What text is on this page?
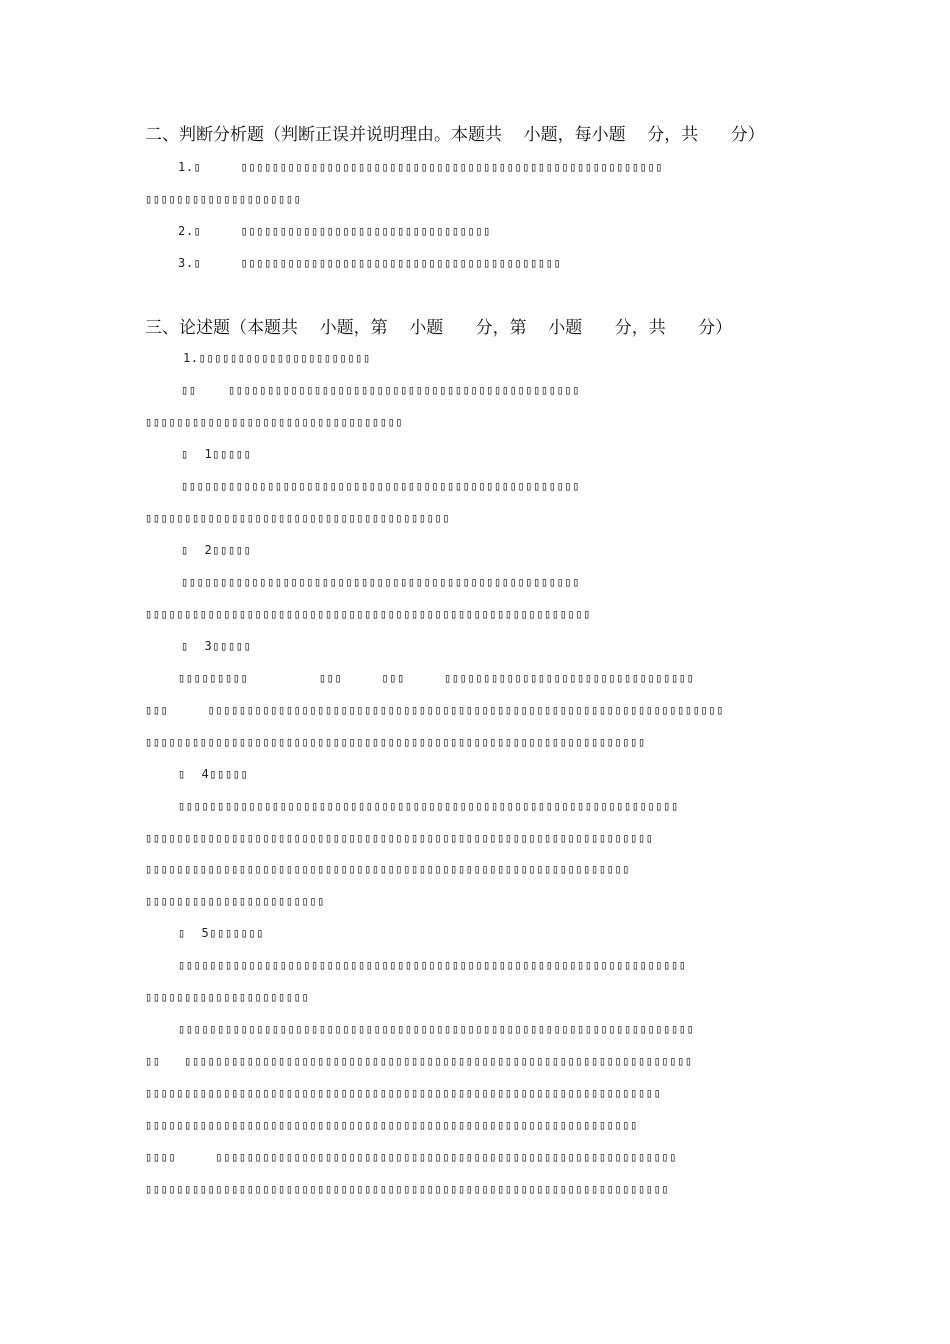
二、判断分析题（判断正误并说明理由。本题共    小题，每小题    分，共      分）
1.▯     ▯▯▯▯▯▯▯▯▯▯▯▯▯▯▯▯▯▯▯▯▯▯▯▯▯▯▯▯▯▯▯▯▯▯▯▯▯▯▯▯▯▯▯▯▯▯▯▯▯▯▯▯▯▯
▯▯▯▯▯▯▯▯▯▯▯▯▯▯▯▯▯▯▯▯
2.▯     ▯▯▯▯▯▯▯▯▯▯▯▯▯▯▯▯▯▯▯▯▯▯▯▯▯▯▯▯▯▯▯▯
3.▯     ▯▯▯▯▯▯▯▯▯▯▯▯▯▯▯▯▯▯▯▯▯▯▯▯▯▯▯▯▯▯▯▯▯▯▯▯▯▯▯▯▯
三、论述题（本题共    小题，第    小题      分，第    小题      分，共      分）
1.▯▯▯▯▯▯▯▯▯▯▯▯▯▯▯▯▯▯▯▯▯▯
▯▯    ▯▯▯▯▯▯▯▯▯▯▯▯▯▯▯▯▯▯▯▯▯▯▯▯▯▯▯▯▯▯▯▯▯▯▯▯▯▯▯▯▯▯▯▯▯
▯▯▯▯▯▯▯▯▯▯▯▯▯▯▯▯▯▯▯▯▯▯▯▯▯▯▯▯▯▯▯▯▯
▯  1▯▯▯▯▯
▯▯▯▯▯▯▯▯▯▯▯▯▯▯▯▯▯▯▯▯▯▯▯▯▯▯▯▯▯▯▯▯▯▯▯▯▯▯▯▯▯▯▯▯▯▯▯▯▯▯▯
▯▯▯▯▯▯▯▯▯▯▯▯▯▯▯▯▯▯▯▯▯▯▯▯▯▯▯▯▯▯▯▯▯▯▯▯▯▯▯
▯  2▯▯▯▯▯
▯▯▯▯▯▯▯▯▯▯▯▯▯▯▯▯▯▯▯▯▯▯▯▯▯▯▯▯▯▯▯▯▯▯▯▯▯▯▯▯▯▯▯▯▯▯▯▯▯▯▯
▯▯▯▯▯▯▯▯▯▯▯▯▯▯▯▯▯▯▯▯▯▯▯▯▯▯▯▯▯▯▯▯▯▯▯▯▯▯▯▯▯▯▯▯▯▯▯▯▯▯▯▯▯▯▯▯▯
▯  3▯▯▯▯▯
▯▯▯▯▯▯▯▯▯         ▯▯▯     ▯▯▯     ▯▯▯▯▯▯▯▯▯▯▯▯▯▯▯▯▯▯▯▯▯▯▯▯▯▯▯▯▯▯▯▯
▯▯▯     ▯▯▯▯▯▯▯▯▯▯▯▯▯▯▯▯▯▯▯▯▯▯▯▯▯▯▯▯▯▯▯▯▯▯▯▯▯▯▯▯▯▯▯▯▯▯▯▯▯▯▯▯▯▯▯▯▯▯▯▯▯▯▯▯▯▯
▯▯▯▯▯▯▯▯▯▯▯▯▯▯▯▯▯▯▯▯▯▯▯▯▯▯▯▯▯▯▯▯▯▯▯▯▯▯▯▯▯▯▯▯▯▯▯▯▯▯▯▯▯▯▯▯▯▯▯▯▯▯▯▯
▯  4▯▯▯▯▯
▯▯▯▯▯▯▯▯▯▯▯▯▯▯▯▯▯▯▯▯▯▯▯▯▯▯▯▯▯▯▯▯▯▯▯▯▯▯▯▯▯▯▯▯▯▯▯▯▯▯▯▯▯▯▯▯▯▯▯▯▯▯▯▯
▯▯▯▯▯▯▯▯▯▯▯▯▯▯▯▯▯▯▯▯▯▯▯▯▯▯▯▯▯▯▯▯▯▯▯▯▯▯▯▯▯▯▯▯▯▯▯▯▯▯▯▯▯▯▯▯▯▯▯▯▯▯▯▯▯
▯▯▯▯▯▯▯▯▯▯▯▯▯▯▯▯▯▯▯▯▯▯▯▯▯▯▯▯▯▯▯▯▯▯▯▯▯▯▯▯▯▯▯▯▯▯▯▯▯▯▯▯▯▯▯▯▯▯▯▯▯▯
▯▯▯▯▯▯▯▯▯▯▯▯▯▯▯▯▯▯▯▯▯▯▯
▯  5▯▯▯▯▯▯▯
▯▯▯▯▯▯▯▯▯▯▯▯▯▯▯▯▯▯▯▯▯▯▯▯▯▯▯▯▯▯▯▯▯▯▯▯▯▯▯▯▯▯▯▯▯▯▯▯▯▯▯▯▯▯▯▯▯▯▯▯▯▯▯▯▯
▯▯▯▯▯▯▯▯▯▯▯▯▯▯▯▯▯▯▯▯▯
▯▯▯▯▯▯▯▯▯▯▯▯▯▯▯▯▯▯▯▯▯▯▯▯▯▯▯▯▯▯▯▯▯▯▯▯▯▯▯▯▯▯▯▯▯▯▯▯▯▯▯▯▯▯▯▯▯▯▯▯▯▯▯▯▯▯
▯▯   ▯▯▯▯▯▯▯▯▯▯▯▯▯▯▯▯▯▯▯▯▯▯▯▯▯▯▯▯▯▯▯▯▯▯▯▯▯▯▯▯▯▯▯▯▯▯▯▯▯▯▯▯▯▯▯▯▯▯▯▯▯▯▯▯▯
▯▯▯▯▯▯▯▯▯▯▯▯▯▯▯▯▯▯▯▯▯▯▯▯▯▯▯▯▯▯▯▯▯▯▯▯▯▯▯▯▯▯▯▯▯▯▯▯▯▯▯▯▯▯▯▯▯▯▯▯▯▯▯▯▯▯
▯▯▯▯▯▯▯▯▯▯▯▯▯▯▯▯▯▯▯▯▯▯▯▯▯▯▯▯▯▯▯▯▯▯▯▯▯▯▯▯▯▯▯▯▯▯▯▯▯▯▯▯▯▯▯▯▯▯▯▯▯▯▯
▯▯▯▯     ▯▯▯▯▯▯▯▯▯▯▯▯▯▯▯▯▯▯▯▯▯▯▯▯▯▯▯▯▯▯▯▯▯▯▯▯▯▯▯▯▯▯▯▯▯▯▯▯▯▯▯▯▯▯▯▯▯▯▯
▯▯▯▯▯▯▯▯▯▯▯▯▯▯▯▯▯▯▯▯▯▯▯▯▯▯▯▯▯▯▯▯▯▯▯▯▯▯▯▯▯▯▯▯▯▯▯▯▯▯▯▯▯▯▯▯▯▯▯▯▯▯▯▯▯▯▯
